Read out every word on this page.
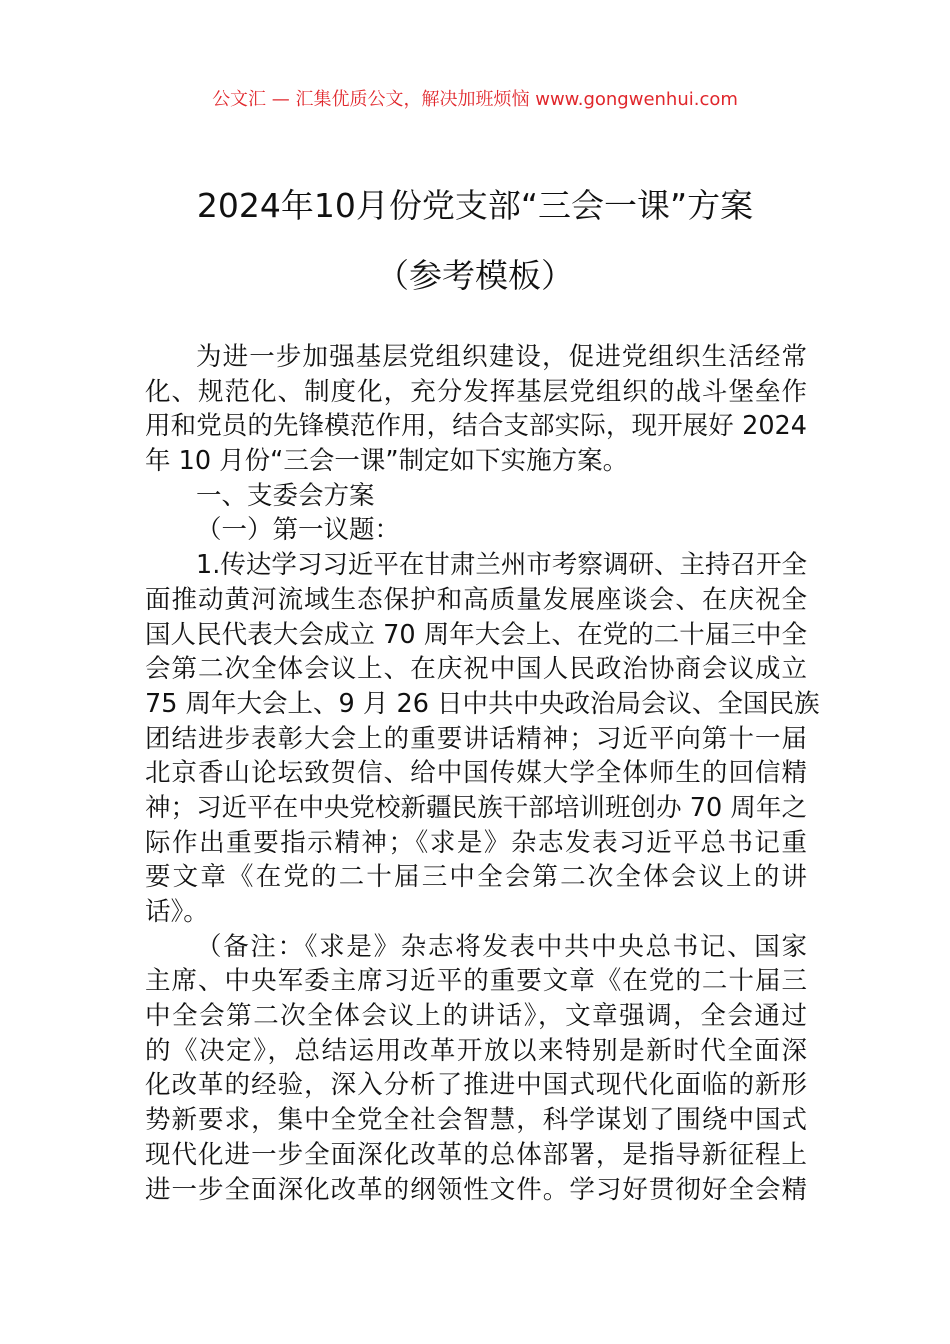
公文汇 — 汇集优质公文，解决加班烦恼 www.gongwenhui.com
2024年10月份党支部“三会一课”方案
（参考模板）
为进一步加强基层党组织建设，促进党组织生活经常
化、规范化、制度化，充分发挥基层党组织的战斗堡垒作
用和党员的先锋模范作用，结合支部实际，现开展好 2024
年 10 月份“三会一课”制定如下实施方案。
一、支委会方案
（一）第一议题：
1.传达学习习近平在甘肃兰州市考察调研、主持召开全
面推动黄河流域生态保护和高质量发展座谈会、在庆祝全
国人民代表大会成立 70 周年大会上、在党的二十届三中全
会第二次全体会议上、在庆祝中国人民政治协商会议成立
75 周年大会上、9 月 26 日中共中央政治局会议、全国民族
团结进步表彰大会上的重要讲话精神；习近平向第十一届
北京香山论坛致贺信、给中国传媒大学全体师生的回信精
神；习近平在中央党校新疆民族干部培训班创办 70 周年之
际作出重要指示精神；《求是》杂志发表习近平总书记重
要文章《在党的二十届三中全会第二次全体会议上的讲
话》。
（备注：《求是》杂志将发表中共中央总书记、国家
主席、中央军委主席习近平的重要文章《在党的二十届三
中全会第二次全体会议上的讲话》，文章强调，全会通过
的《决定》，总结运用改革开放以来特别是新时代全面深
化改革的经验，深入分析了推进中国式现代化面临的新形
势新要求，集中全党全社会智慧，科学谋划了围绕中国式
现代化进一步全面深化改革的总体部署，是指导新征程上
进一步全面深化改革的纲领性文件。学习好贯彻好全会精
